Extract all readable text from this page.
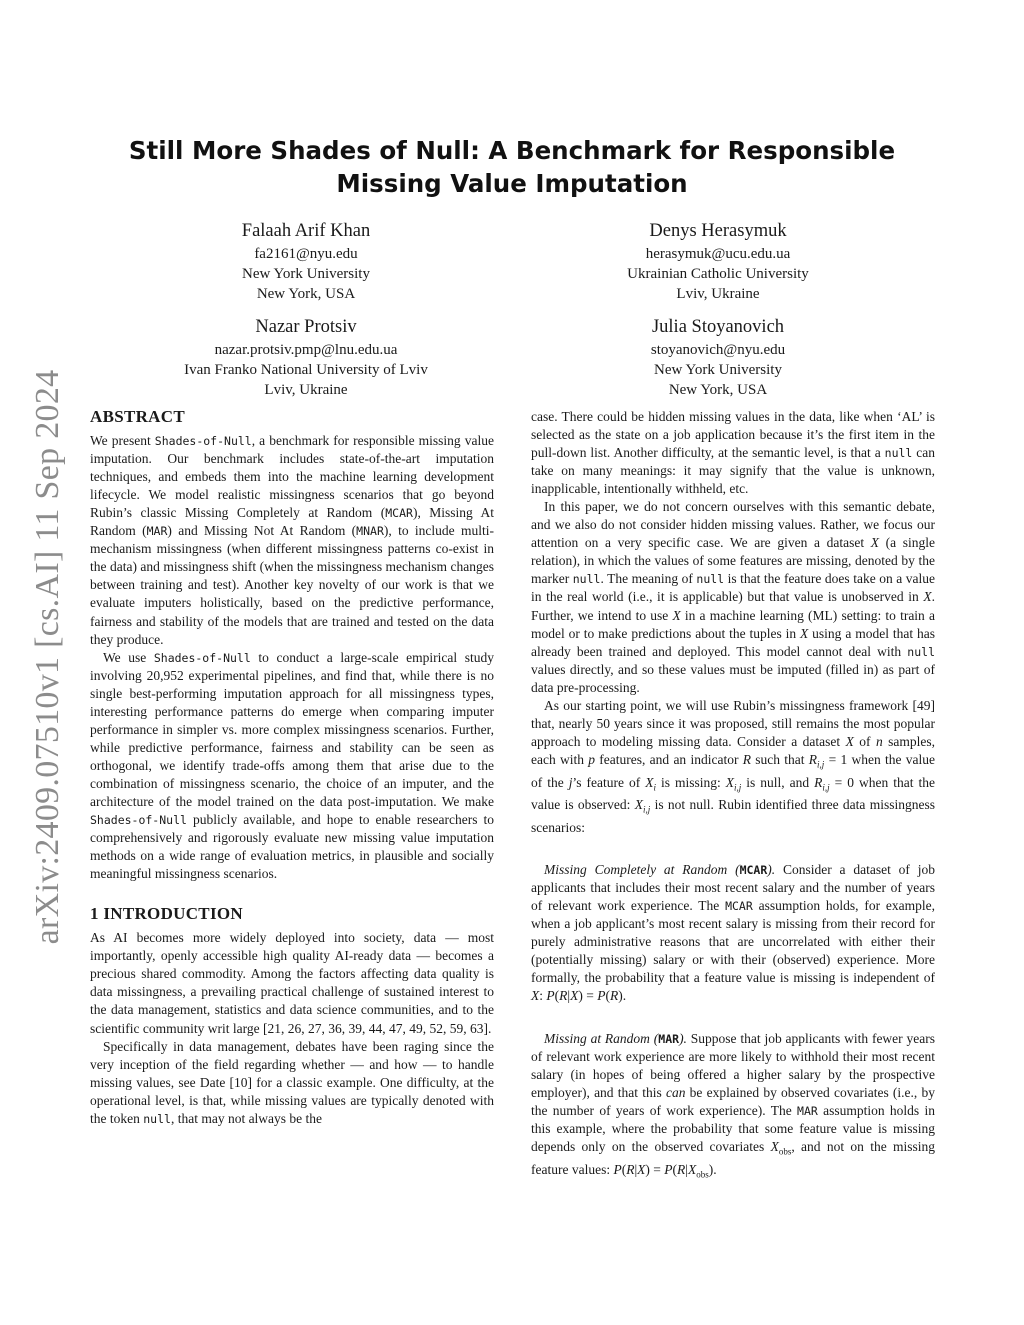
arXiv:2409.07510v1 [cs.AI] 11 Sep 2024
Still More Shades of Null: A Benchmark for Responsible Missing Value Imputation
Falaah Arif Khan
fa2161@nyu.edu
New York University
New York, USA
Denys Herasymuk
herasymuk@ucu.edu.ua
Ukrainian Catholic University
Lviv, Ukraine
Nazar Protsiv
nazar.protsiv.pmp@lnu.edu.ua
Ivan Franko National University of Lviv
Lviv, Ukraine
Julia Stoyanovich
stoyanovich@nyu.edu
New York University
New York, USA
ABSTRACT

We present Shades-of-Null, a benchmark for responsible missing value imputation. Our benchmark includes state-of-the-art imputation techniques, and embeds them into the machine learning development lifecycle. We model realistic missingness scenarios that go beyond Rubin’s classic Missing Completely at Random (MCAR), Missing At Random (MAR) and Missing Not At Random (MNAR), to include multi-mechanism missingness (when different missingness patterns co-exist in the data) and missingness shift (when the missingness mechanism changes between training and test). Another key novelty of our work is that we evaluate imputers holistically, based on the predictive performance, fairness and stability of the models that are trained and tested on the data they produce.

We use Shades-of-Null to conduct a large-scale empirical study involving 20,952 experimental pipelines, and find that, while there is no single best-performing imputation approach for all missingness types, interesting performance patterns do emerge when comparing imputer performance in simpler vs. more complex missingness scenarios. Further, while predictive performance, fairness and stability can be seen as orthogonal, we identify trade-offs among them that arise due to the combination of missingness scenario, the choice of an imputer, and the architecture of the model trained on the data post-imputation. We make Shades-of-Null publicly available, and hope to enable researchers to comprehensively and rigorously evaluate new missing value imputation methods on a wide range of evaluation metrics, in plausible and socially meaningful missingness scenarios.

1 INTRODUCTION

As AI becomes more widely deployed into society, data — most importantly, openly accessible high quality AI-ready data — becomes a precious shared commodity. Among the factors affecting data quality is data missingness, a prevailing practical challenge of sustained interest to the data management, statistics and data science communities, and to the scientific community writ large [21, 26, 27, 36, 39, 44, 47, 49, 52, 59, 63].

Specifically in data management, debates have been raging since the very inception of the field regarding whether — and how — to handle missing values, see Date [10] for a classic example. One difficulty, at the operational level, is that, while missing values are typically denoted with the token null, that may not always be the

case. There could be hidden missing values in the data, like when ‘AL’ is selected as the state on a job application because it’s the first item in the pull-down list. Another difficulty, at the semantic level, is that a null can take on many meanings: it may signify that the value is unknown, inapplicable, intentionally withheld, etc.

In this paper, we do not concern ourselves with this semantic debate, and we also do not consider hidden missing values. Rather, we focus our attention on a very specific case. We are given a dataset X (a single relation), in which the values of some features are missing, denoted by the marker null. The meaning of null is that the feature does take on a value in the real world (i.e., it is applicable) but that value is unobserved in X. Further, we intend to use X in a machine learning (ML) setting: to train a model or to make predictions about the tuples in X using a model that has already been trained and deployed. This model cannot deal with null values directly, and so these values must be imputed (filled in) as part of data pre-processing.

As our starting point, we will use Rubin’s missingness framework [49] that, nearly 50 years since it was proposed, still remains the most popular approach to modeling missing data. Consider a dataset X of n samples, each with p features, and an indicator R such that $R_{i,j} = 1$ when the value of the j’s feature of $X_i$ is missing: $X_{i,j}$ is null, and $R_{i,j} = 0$ when that the value is observed: $X_{i,j}$ is not null. Rubin identified three data missingness scenarios:

Missing Completely at Random (MCAR). Consider a dataset of job applicants that includes their most recent salary and the number of years of relevant work experience. The MCAR assumption holds, for example, when a job applicant’s most recent salary is missing from their record for purely administrative reasons that are uncorrelated with either their (potentially missing) salary or with their (observed) experience. More formally, the probability that a feature value is missing is independent of X: P(R|X) = P(R).

Missing at Random (MAR). Suppose that job applicants with fewer years of relevant work experience are more likely to withhold their most recent salary (in hopes of being offered a higher salary by the prospective employer), and that this can be explained by observed covariates (i.e., by the number of years of work experience). The MAR assumption holds in this example, where the probability that some feature value is missing depends only on the observed covariates $X_{obs}$, and not on the missing feature values: $P(R|X) = P(R|X_{obs})$.
